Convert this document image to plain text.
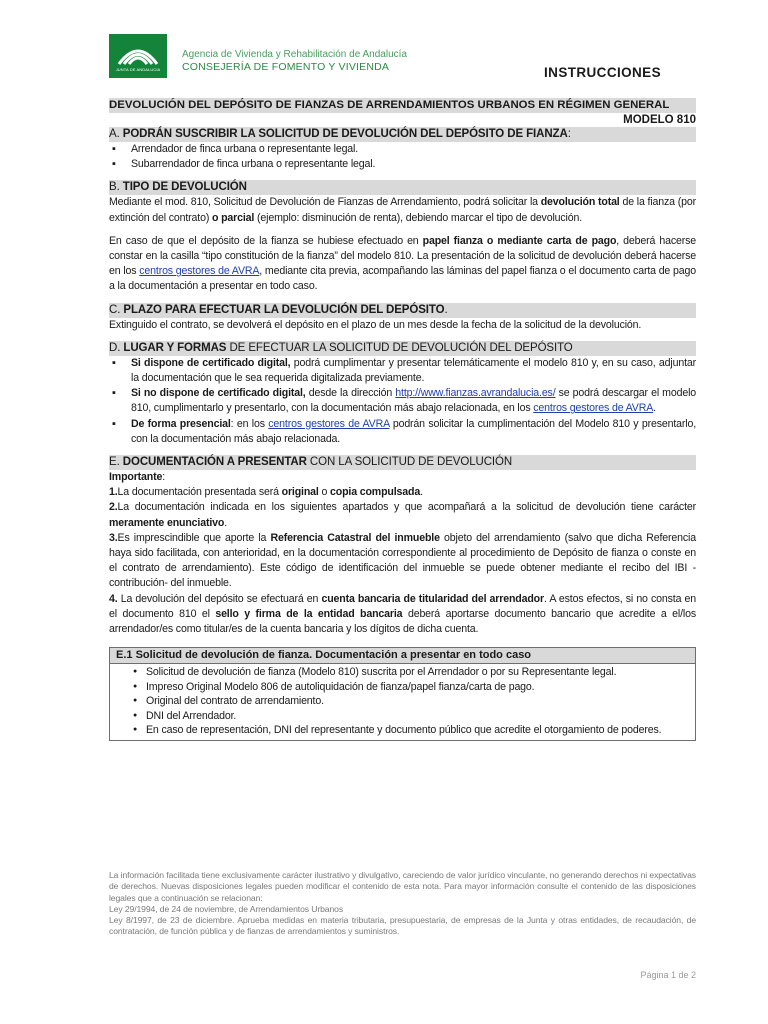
JUNTA DE ANDALUCIA
Agencia de Vivienda y Rehabilitación de Andalucía
CONSEJERÍA DE FOMENTO Y VIVIENDA	INSTRUCCIONES
DEVOLUCIÓN DEL DEPÓSITO DE FIANZAS DE ARRENDAMIENTOS URBANOS EN RÉGIMEN GENERAL
MODELO 810
A. PODRÁN SUSCRIBIR LA SOLICITUD DE DEVOLUCIÓN DEL DEPÓSITO DE FIANZA:
▪ Arrendador de finca urbana o representante legal.
▪ Subarrendador de finca urbana o representante legal.
B. TIPO DE DEVOLUCIÓN

Mediante el mod. 810, Solicitud de Devolución de Fianzas de Arrendamiento, podrá solicitar la devolución total de la fianza (por extinción del contrato) o parcial (ejemplo: disminución de renta), debiendo marcar el tipo de devolución.

En caso de que el depósito de la fianza se hubiese efectuado en papel fianza o mediante carta de pago, deberá hacerse constar en la casilla “tipo constitución de la fianza” del modelo 810. La presentación de la solicitud de devolución deberá hacerse en los centros gestores de AVRA, mediante cita previa, acompañando las láminas del papel fianza o el documento carta de pago a la documentación a presentar en todo caso.

C. PLAZO PARA EFECTUAR LA DEVOLUCIÓN DEL DEPÓSITO.

Extinguido el contrato, se devolverá el depósito en el plazo de un mes desde la fecha de la solicitud de la devolución.

D. LUGAR Y FORMAS DE EFECTUAR LA SOLICITUD DE DEVOLUCIÓN DEL DEPÓSITO
▪ Si dispone de certificado digital, podrá cumplimentar y presentar telemáticamente el modelo 810 y, en su caso, adjuntar la documentación que le sea requerida digitalizada previamente.
▪ Si no dispone de certificado digital, desde la dirección http://www.fianzas.avrandalucia.es/ se podrá descargar el modelo 810, cumplimentarlo y presentarlo, con la documentación más abajo relacionada, en los centros gestores de AVRA.
▪ De forma presencial: en los centros gestores de AVRA podrán solicitar la cumplimentación del Modelo 810 y presentarlo, con la documentación más abajo relacionada.
E. DOCUMENTACIÓN A PRESENTAR CON LA SOLICITUD DE DEVOLUCIÓN

Importante:

1.La documentación presentada será original o copia compulsada.

2.La documentación indicada en los siguientes apartados y que acompañará a la solicitud de devolución tiene carácter meramente enunciativo.

3.Es imprescindible que aporte la Referencia Catastral del inmueble objeto del arrendamiento (salvo que dicha Referencia haya sido facilitada, con anterioridad, en la documentación correspondiente al procedimiento de Depósito de fianza o conste en el contrato de arrendamiento). Este código de identificación del inmueble se puede obtener mediante el recibo del IBI -contribución- del inmueble.

4. La devolución del depósito se efectuará en cuenta bancaria de titularidad del arrendador. A estos efectos, si no consta en el documento 810 el sello y firma de la entidad bancaria deberá aportarse documento bancario que acredite a el/los arrendador/es como titular/es de la cuenta bancaria y los dígitos de dicha cuenta.

E.1 Solicitud de devolución de fianza. Documentación a presentar en todo caso
● Solicitud de devolución de fianza (Modelo 810) suscrita por el Arrendador o por su Representante legal.
● Impreso Original Modelo 806 de autoliquidación de fianza/papel fianza/carta de pago.
● Original del contrato de arrendamiento.
● DNI del Arrendador.
● En caso de representación, DNI del representante y documento público que acredite el otorgamiento de poderes.

La información facilitada tiene exclusivamente carácter ilustrativo y divulgativo, careciendo de valor jurídico vinculante, no generando derechos ni expectativas de derechos. Nuevas disposiciones legales pueden modificar el contenido de esta nota. Para mayor información consulte el contenido de las disposiciones legales que a continuación se relacionan:

Ley 29/1994, de 24 de noviembre, de Arrendamientos Urbanos

Ley 8/1997, de 23 de diciembre. Aprueba medidas en materia tributaria, presupuestaria, de empresas de la Junta y otras entidades, de recaudación, de contratación, de función pública y de fianzas de arrendamientos y suministros.

Página 1 de 2
